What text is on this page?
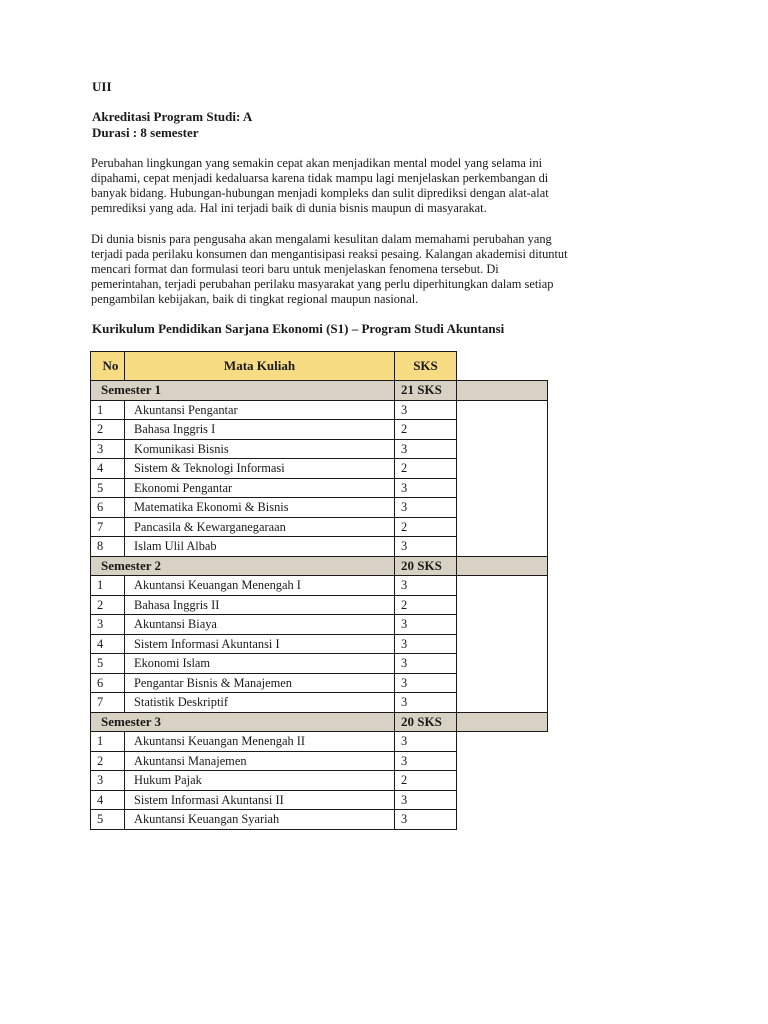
UII
Akreditasi Program Studi: A
Durasi : 8 semester
Perubahan lingkungan yang semakin cepat akan menjadikan mental model yang selama ini
dipahami, cepat menjadi kedaluarsa karena tidak mampu lagi menjelaskan perkembangan di
banyak bidang. Hubungan-hubungan menjadi kompleks dan sulit diprediksi dengan alat-alat
pemrediksi yang ada. Hal ini terjadi baik di dunia bisnis maupun di masyarakat.
Di dunia bisnis para pengusaha akan mengalami kesulitan dalam memahami perubahan yang
terjadi pada perilaku konsumen dan mengantisipasi reaksi pesaing. Kalangan akademisi dituntut
mencari format dan formulasi teori baru untuk menjelaskan fenomena tersebut. Di
pemerintahan, terjadi perubahan perilaku masyarakat yang perlu diperhitungkan dalam setiap
pengambilan kebijakan, baik di tingkat regional maupun nasional.
Kurikulum Pendidikan Sarjana Ekonomi (S1) – Program Studi Akuntansi
No	Mata Kuliah	SKS	
Semester 1		21 SKS	
1	Akuntansi Pengantar	3	
2	Bahasa Inggris I	2	
3	Komunikasi Bisnis	3	
4	Sistem & Teknologi Informasi	2	
5	Ekonomi Pengantar	3	
6	Matematika Ekonomi & Bisnis	3	
7	Pancasila & Kewarganegaraan	2	
8	Islam Ulil Albab	3	
Semester 2		20 SKS	
1	Akuntansi Keuangan Menengah I	3	
2	Bahasa Inggris II	2	
3	Akuntansi Biaya	3	
4	Sistem Informasi Akuntansi I	3	
5	Ekonomi Islam	3	
6	Pengantar Bisnis & Manajemen	3	
7	Statistik Deskriptif	3	
Semester 3		20 SKS	
1	Akuntansi Keuangan Menengah II	3	
2	Akuntansi Manajemen	3	
3	Hukum Pajak	2	
4	Sistem Informasi Akuntansi II	3	
5	Akuntansi Keuangan Syariah	3	
